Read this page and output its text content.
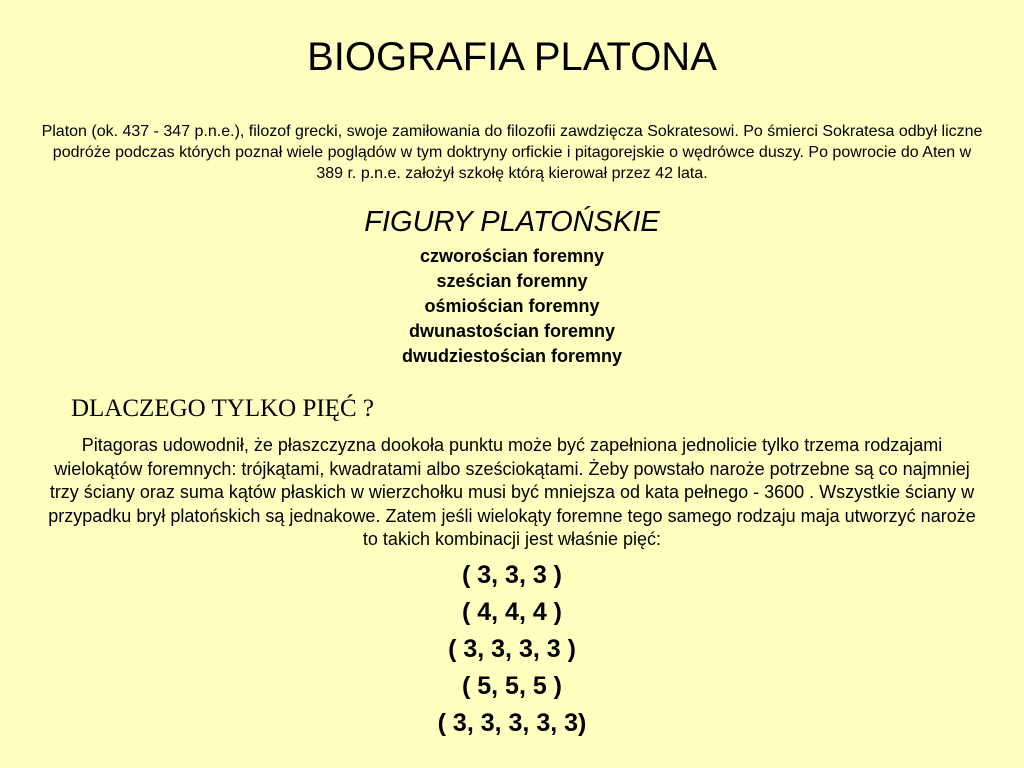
BIOGRAFIA PLATONA

Platon (ok. 437 - 347 p.n.e.), filozof grecki, swoje zamiłowania do filozofii zawdzięcza Sokratesowi. Po śmierci Sokratesa odbył liczne podróże podczas których poznał wiele poglądów w tym doktryny orfickie i pitagorejskie o wędrówce duszy. Po powrocie do Aten w 389 r. p.n.e. założył szkołę którą kierował przez 42 lata.

FIGURY PLATOŃSKIE
czworościan foremny
sześcian foremny
ośmiościan foremny
dwunastościan foremny
dwudziestościan foremny
DLACZEGO TYLKO PIĘĆ ?

Pitagoras udowodnił, że płaszczyzna dookoła punktu może być zapełniona jednolicie tylko trzema rodzajami wielokątów foremnych: trójkątami, kwadratami albo sześciokątami. Żeby powstało naroże potrzebne są co najmniej trzy ściany oraz suma kątów płaskich w wierzchołku musi być mniejsza od kata pełnego - 3600 . Wszystkie ściany w przypadku brył platońskich są jednakowe. Zatem jeśli wielokąty foremne tego samego rodzaju maja utworzyć naroże to takich kombinacji jest właśnie pięć:

( 3, 3, 3 )
( 4, 4, 4 )
( 3, 3, 3, 3 )
( 5, 5, 5 )
( 3, 3, 3, 3, 3)
